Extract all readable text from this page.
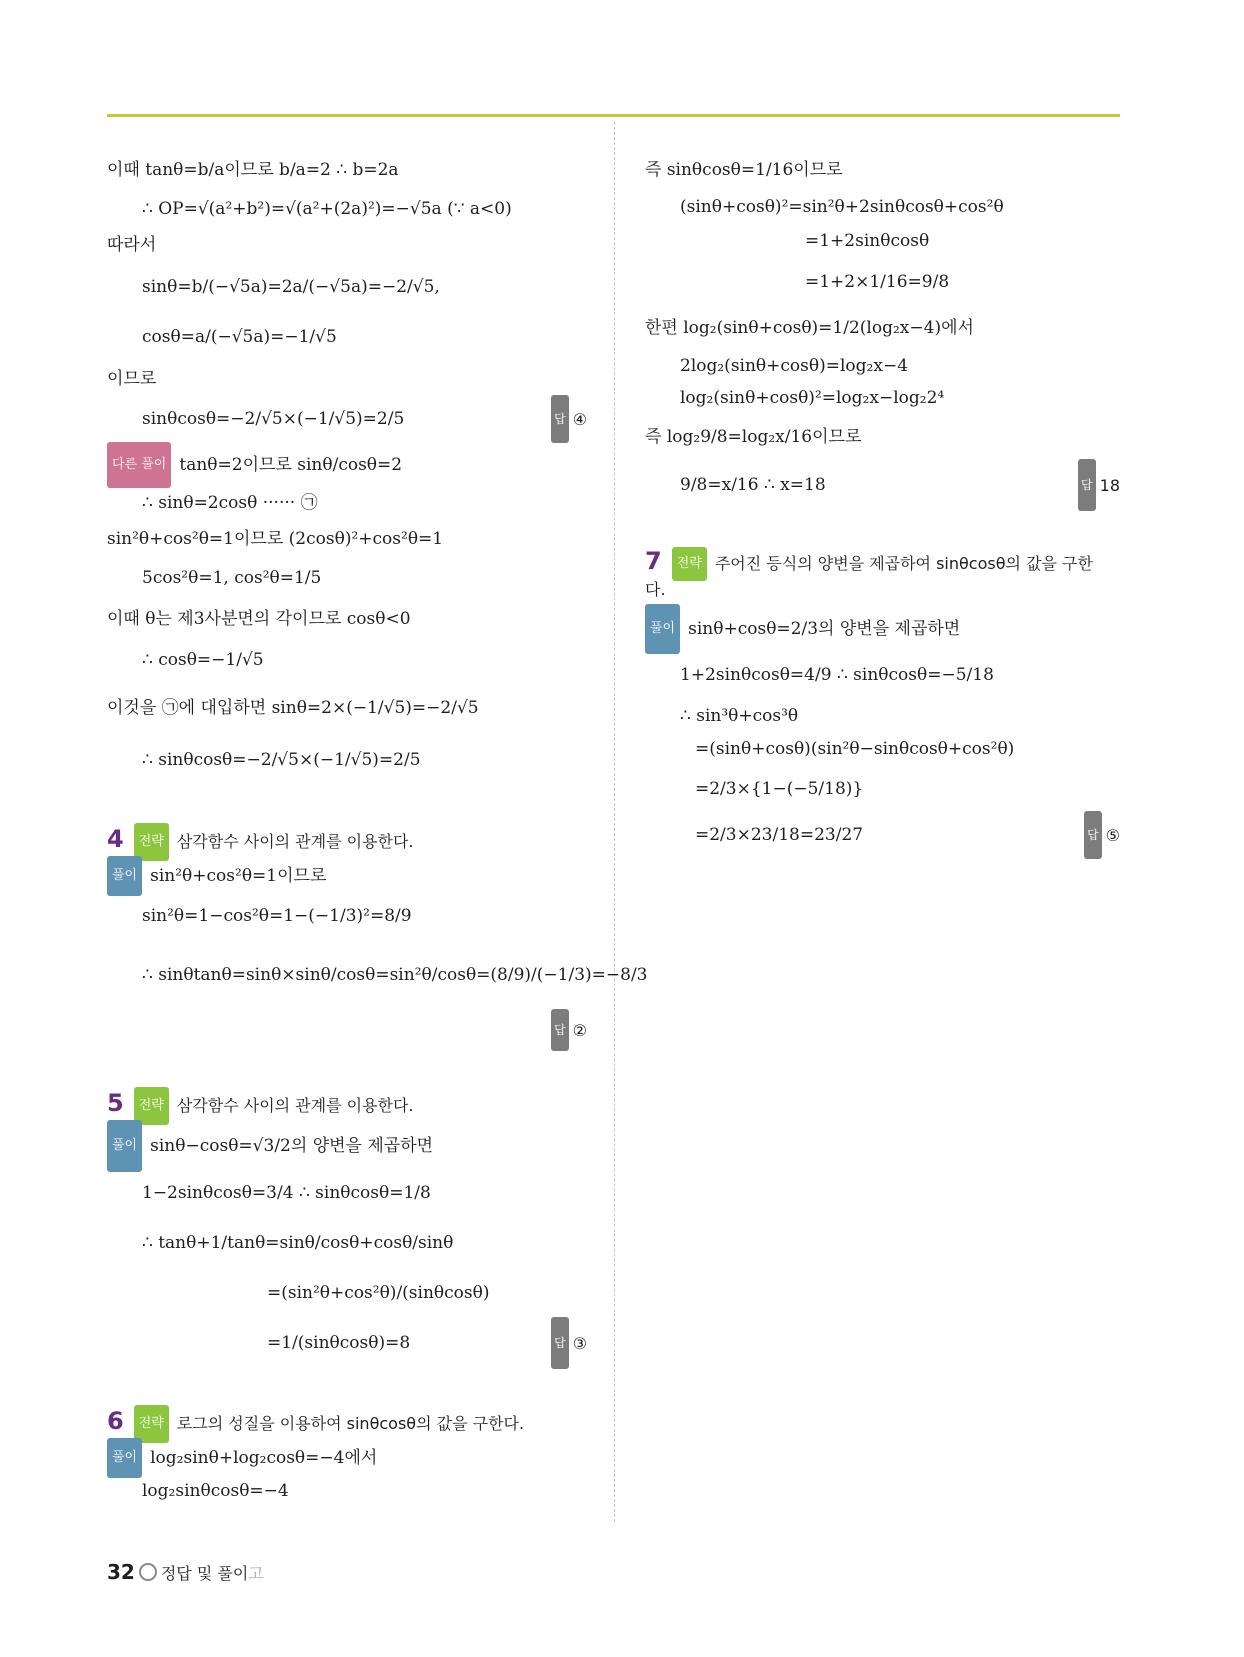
이때 tanθ=b/a이므로 b/a=2 ∴ b=2a
∴ OP=√(a²+b²)=√(a²+(2a)²)=−√5a (∵ a<0)
따라서
sinθ=b/(−√5a)=2a/(−√5a)=−2/√5,
cosθ=a/(−√5a)=−1/√5
이므로
sinθcosθ=−2/√5×(−1/√5)=2/5	답 ④
다른 풀이 tanθ=2이므로 sinθ/cosθ=2
∴ sinθ=2cosθ ······ ㉠
sin²θ+cos²θ=1이므로 (2cosθ)²+cos²θ=1
5cos²θ=1, cos²θ=1/5
이때 θ는 제3사분면의 각이므로 cosθ<0
∴ cosθ=−1/√5
이것을 ㉠에 대입하면 sinθ=2×(−1/√5)=−2/√5
∴ sinθcosθ=−2/√5×(−1/√5)=2/5
4 전략 삼각함수 사이의 관계를 이용한다.
풀이 sin²θ+cos²θ=1이므로
sin²θ=1−cos²θ=1−(−1/3)²=8/9
∴ sinθtanθ=sinθ×sinθ/cosθ=sin²θ/cosθ=(8/9)/(−1/3)=−8/3
답 ②
5 전략 삼각함수 사이의 관계를 이용한다.
풀이 sinθ−cosθ=√3/2의 양변을 제곱하면
1−2sinθcosθ=3/4 ∴ sinθcosθ=1/8
∴ tanθ+1/tanθ=sinθ/cosθ+cosθ/sinθ
=(sin²θ+cos²θ)/(sinθcosθ)
=1/(sinθcosθ)=8	답 ③
6 전략 로그의 성질을 이용하여 sinθcosθ의 값을 구한다.
풀이 log₂sinθ+log₂cosθ=−4에서
log₂sinθcosθ=−4
즉 sinθcosθ=1/16이므로
(sinθ+cosθ)²=sin²θ+2sinθcosθ+cos²θ
=1+2sinθcosθ
=1+2×1/16=9/8
한편 log₂(sinθ+cosθ)=1/2(log₂x−4)에서
2log₂(sinθ+cosθ)=log₂x−4
log₂(sinθ+cosθ)²=log₂x−log₂2⁴
즉 log₂9/8=log₂x/16이므로
9/8=x/16 ∴ x=18	답 18
7 전략 주어진 등식의 양변을 제곱하여 sinθcosθ의 값을 구한
다.
풀이 sinθ+cosθ=2/3의 양변을 제곱하면
1+2sinθcosθ=4/9 ∴ sinθcosθ=−5/18
∴ sin³θ+cos³θ
=(sinθ+cosθ)(sin²θ−sinθcosθ+cos²θ)
=2/3×{1−(−5/18)}
=2/3×23/18=23/27	답 ⑤
32 정답 및 풀이고
